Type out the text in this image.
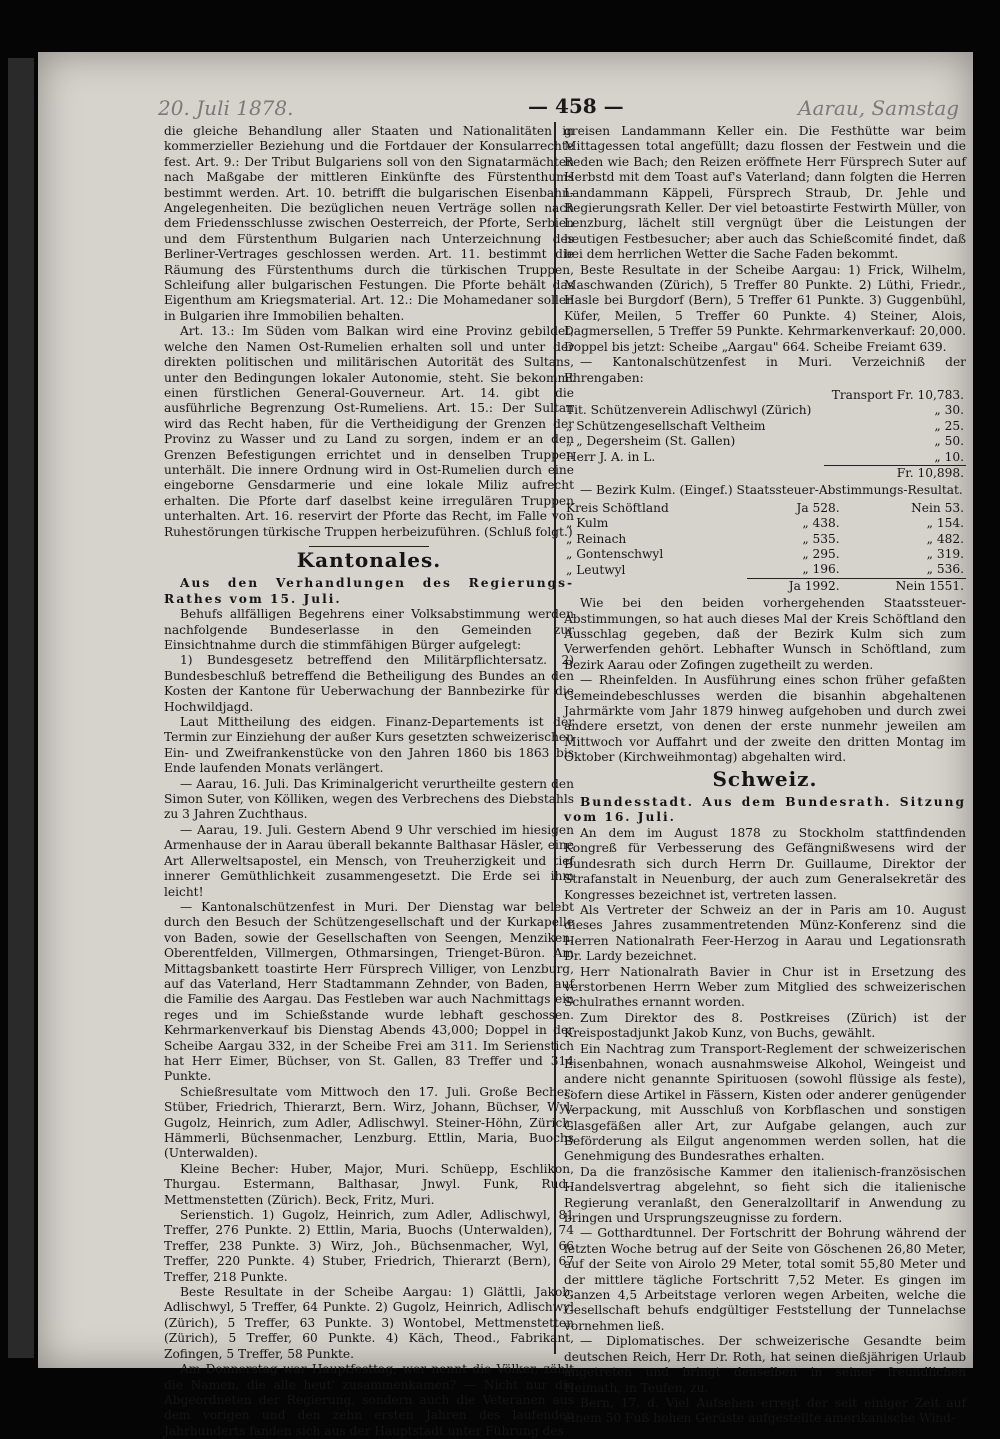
20. Juli 1878.	— 458 —	Aarau, Samstag

die gleiche Behandlung aller Staaten und Nationalitäten in kommerzieller Beziehung und die Fortdauer der Konsularrechte fest. Art. 9.: Der Tribut Bulgariens soll von den Signatarmächten nach Maßgabe der mittleren Einkünfte des Fürstenthums bestimmt werden. Art. 10. betrifft die bulgarischen Eisenbahn-Angelegenheiten. Die bezüglichen neuen Verträge sollen nach dem Friedensschlusse zwischen Oesterreich, der Pforte, Serbien und dem Fürstenthum Bulgarien nach Unterzeichnung des Berliner-Vertrages geschlossen werden. Art. 11. bestimmt die Räumung des Fürstenthums durch die türkischen Truppen, Schleifung aller bulgarischen Festungen. Die Pforte behält das Eigenthum am Kriegsmaterial. Art. 12.: Die Mohamedaner sollen in Bulgarien ihre Immobilien behalten.

Art. 13.: Im Süden vom Balkan wird eine Provinz gebildet, welche den Namen Ost-Rumelien erhalten soll und unter der direkten politischen und militärischen Autorität des Sultans, unter den Bedingungen lokaler Autonomie, steht. Sie bekommt einen fürstlichen General-Gouverneur. Art. 14. gibt die ausführliche Begrenzung Ost-Rumeliens. Art. 15.: Der Sultan wird das Recht haben, für die Vertheidigung der Grenzen der Provinz zu Wasser und zu Land zu sorgen, indem er an den Grenzen Befestigungen errichtet und in denselben Truppen unterhält. Die innere Ordnung wird in Ost-Rumelien durch eine eingeborne Gensdarmerie und eine lokale Miliz aufrecht erhalten. Die Pforte darf daselbst keine irregulären Truppen unterhalten. Art. 16. reservirt der Pforte das Recht, im Falle von Ruhestörungen türkische Truppen herbeizuführen. (Schluß folgt.)

Kantonales.

Aus den Verhandlungen des Regierungs-Rathes vom 15. Juli.

Behufs allfälligen Begehrens einer Volksabstimmung werden nachfolgende Bundeserlasse in den Gemeinden zur Einsichtnahme durch die stimmfähigen Bürger aufgelegt:

1) Bundesgesetz betreffend den Militärpflichtersatz. 2) Bundesbeschluß betreffend die Betheiligung des Bundes an den Kosten der Kantone für Ueberwachung der Bannbezirke für die Hochwildjagd.

Laut Mittheilung des eidgen. Finanz-Departements ist der Termin zur Einziehung der außer Kurs gesetzten schweizerischen Ein- und Zweifrankenstücke von den Jahren 1860 bis 1863 bis Ende laufenden Monats verlängert.

— Aarau, 16. Juli. Das Kriminalgericht verurtheilte gestern den Simon Suter, von Kölliken, wegen des Verbrechens des Diebstahls zu 3 Jahren Zuchthaus.

— Aarau, 19. Juli. Gestern Abend 9 Uhr verschied im hiesigen Armenhause der in Aarau überall bekannte Balthasar Häsler, eine Art Allerweltsapostel, ein Mensch, von Treuherzigkeit und tief innerer Gemüthlichkeit zusammengesetzt. Die Erde sei ihm leicht!

— Kantonalschützenfest in Muri. Der Dienstag war belebt durch den Besuch der Schützengesellschaft und der Kurkapelle von Baden, sowie der Gesellschaften von Seengen, Menziken, Oberentfelden, Villmergen, Othmarsingen, Trienget-Büron. Am Mittagsbankett toastirte Herr Fürsprech Villiger, von Lenzburg, auf das Vaterland, Herr Stadtammann Zehnder, von Baden, auf die Familie des Aargau. Das Festleben war auch Nachmittags ein reges und im Schießstande wurde lebhaft geschossen. Kehrmarkenverkauf bis Dienstag Abends 43,000; Doppel in der Scheibe Aargau 332, in der Scheibe Frei am 311. Im Serienstich hat Herr Eimer, Büchser, von St. Gallen, 83 Treffer und 314 Punkte.

Schießresultate vom Mittwoch den 17. Juli. Große Becher: Stüber, Friedrich, Thierarzt, Bern. Wirz, Johann, Büchser, Wyl. Gugolz, Heinrich, zum Adler, Adlischwyl. Steiner-Höhn, Zürich. Hämmerli, Büchsenmacher, Lenzburg. Ettlin, Maria, Buochs (Unterwalden).

Kleine Becher: Huber, Major, Muri. Schüepp, Eschlikon, Thurgau. Estermann, Balthasar, Jnwyl. Funk, Rud., Mettmenstetten (Zürich). Beck, Fritz, Muri.

Serienstich. 1) Gugolz, Heinrich, zum Adler, Adlischwyl, 81 Treffer, 276 Punkte. 2) Ettlin, Maria, Buochs (Unterwalden), 74 Treffer, 238 Punkte. 3) Wirz, Joh., Büchsenmacher, Wyl, 66 Treffer, 220 Punkte. 4) Stuber, Friedrich, Thierarzt (Bern), 67 Treffer, 218 Punkte.

Beste Resultate in der Scheibe Aargau: 1) Glättli, Jakob, Adlischwyl, 5 Treffer, 64 Punkte. 2) Gugolz, Heinrich, Adlischwyl (Zürich), 5 Treffer, 63 Punkte. 3) Wontobel, Mettmenstetten (Zürich), 5 Treffer, 60 Punkte. 4) Käch, Theod., Fabrikant, Zofingen, 5 Treffer, 58 Punkte.

Am Donnerstag war Hauptfesttag; wer nennt die Völker, zählt die Namen, die alle heut' zusammenkamen? — Nicht nur die Abgeordneten der Regierung, sondern auch die Veteranen aus dem vorigen und den zehn ersten Jahren des laufenden Jahrhunderts fanden sich aus der Hauptstadt unter Führung des

greisen Landammann Keller ein. Die Festhütte war beim Mittagessen total angefüllt; dazu flossen der Festwein und die Reden wie Bach; den Reizen eröffnete Herr Fürsprech Suter auf Herbstd mit dem Toast auf's Vaterland; dann folgten die Herren Landammann Käppeli, Fürsprech Straub, Dr. Jehle und Regierungsrath Keller. Der viel betoastirte Festwirth Müller, von Lenzburg, lächelt still vergnügt über die Leistungen der heutigen Festbesucher; aber auch das Schießcomité findet, daß bei dem herrlichen Wetter die Sache Faden bekommt.

Beste Resultate in der Scheibe Aargau: 1) Frick, Wilhelm, Maschwanden (Zürich), 5 Treffer 80 Punkte. 2) Lüthi, Friedr., Hasle bei Burgdorf (Bern), 5 Treffer 61 Punkte. 3) Guggenbühl, Küfer, Meilen, 5 Treffer 60 Punkte. 4) Steiner, Alois, Dagmersellen, 5 Treffer 59 Punkte. Kehrmarkenverkauf: 20,000. Doppel bis jetzt: Scheibe „Aargau" 664. Scheibe Freiamt 639.

— Kantonalschützenfest in Muri. Verzeichniß der Ehrengaben:

	Transport Fr. 10,783.
Tit. Schützenverein Adlischwyl (Zürich)	„ 30.
„ Schützengesellschaft Veltheim	„ 25.
„ „ Degersheim (St. Gallen)	„ 50.
Herr J. A. in L.	„ 10.
	Fr. 10,898.

— Bezirk Kulm. (Eingef.) Staatssteuer-Abstimmungs-Resultat.

Kreis Schöftland	Ja 528.	Nein 53.
„ Kulm	„ 438.	„ 154.
„ Reinach	„ 535.	„ 482.
„ Gontenschwyl	„ 295.	„ 319.
„ Leutwyl	„ 196.	„ 536.
	Ja 1992.	Nein 1551.

Wie bei den beiden vorhergehenden Staatssteuer-Abstimmungen, so hat auch dieses Mal der Kreis Schöftland den Ausschlag gegeben, daß der Bezirk Kulm sich zum Verwerfenden gehört. Lebhafter Wunsch in Schöftland, zum Bezirk Aarau oder Zofingen zugetheilt zu werden.

— Rheinfelden. In Ausführung eines schon früher gefaßten Gemeindebeschlusses werden die bisanhin abgehaltenen Jahrmärkte vom Jahr 1879 hinweg aufgehoben und durch zwei andere ersetzt, von denen der erste nunmehr jeweilen am Mittwoch vor Auffahrt und der zweite den dritten Montag im Oktober (Kirchweihmontag) abgehalten wird.

Schweiz.

Bundesstadt. Aus dem Bundesrath. Sitzung vom 16. Juli.

An dem im August 1878 zu Stockholm stattfindenden Kongreß für Verbesserung des Gefängnißwesens wird der Bundesrath sich durch Herrn Dr. Guillaume, Direktor der Strafanstalt in Neuenburg, der auch zum Generalsekretär des Kongresses bezeichnet ist, vertreten lassen.

Als Vertreter der Schweiz an der in Paris am 10. August dieses Jahres zusammentretenden Münz-Konferenz sind die Herren Nationalrath Feer-Herzog in Aarau und Legationsrath Dr. Lardy bezeichnet.

Herr Nationalrath Bavier in Chur ist in Ersetzung des verstorbenen Herrn Weber zum Mitglied des schweizerischen Schulrathes ernannt worden.

Zum Direktor des 8. Postkreises (Zürich) ist der Kreispostadjunkt Jakob Kunz, von Buchs, gewählt.

Ein Nachtrag zum Transport-Reglement der schweizerischen Eisenbahnen, wonach ausnahmsweise Alkohol, Weingeist und andere nicht genannte Spirituosen (sowohl flüssige als feste), sofern diese Artikel in Fässern, Kisten oder anderer genügender Verpackung, mit Ausschluß von Korbflaschen und sonstigen Glasgefäßen aller Art, zur Aufgabe gelangen, auch zur Beförderung als Eilgut angenommen werden sollen, hat die Genehmigung des Bundesrathes erhalten.

Da die französische Kammer den italienisch-französischen Handelsvertrag abgelehnt, so fieht sich die italienische Regierung veranlaßt, den Generalzolltarif in Anwendung zu bringen und Ursprungszeugnisse zu fordern.

— Gotthardtunnel. Der Fortschritt der Bohrung während der letzten Woche betrug auf der Seite von Göschenen 26,80 Meter, auf der Seite von Airolo 29 Meter, total somit 55,80 Meter und der mittlere tägliche Fortschritt 7,52 Meter. Es gingen im Ganzen 4,5 Arbeitstage verloren wegen Arbeiten, welche die Gesellschaft behufs endgültiger Feststellung der Tunnelachse vornehmen ließ.

— Diplomatisches. Der schweizerische Gesandte beim deutschen Reich, Herr Dr. Roth, hat seinen dießjährigen Urlaub angetreten und bringt denselben in seiner freundlichen Heimath, in Teufen, zu.

Bern, 17. d. Viel Aufsehen erregt der seit einiger Zeit auf einem 50 Fuß hohen Gerüste aufgestellte amerikanische Wind-
